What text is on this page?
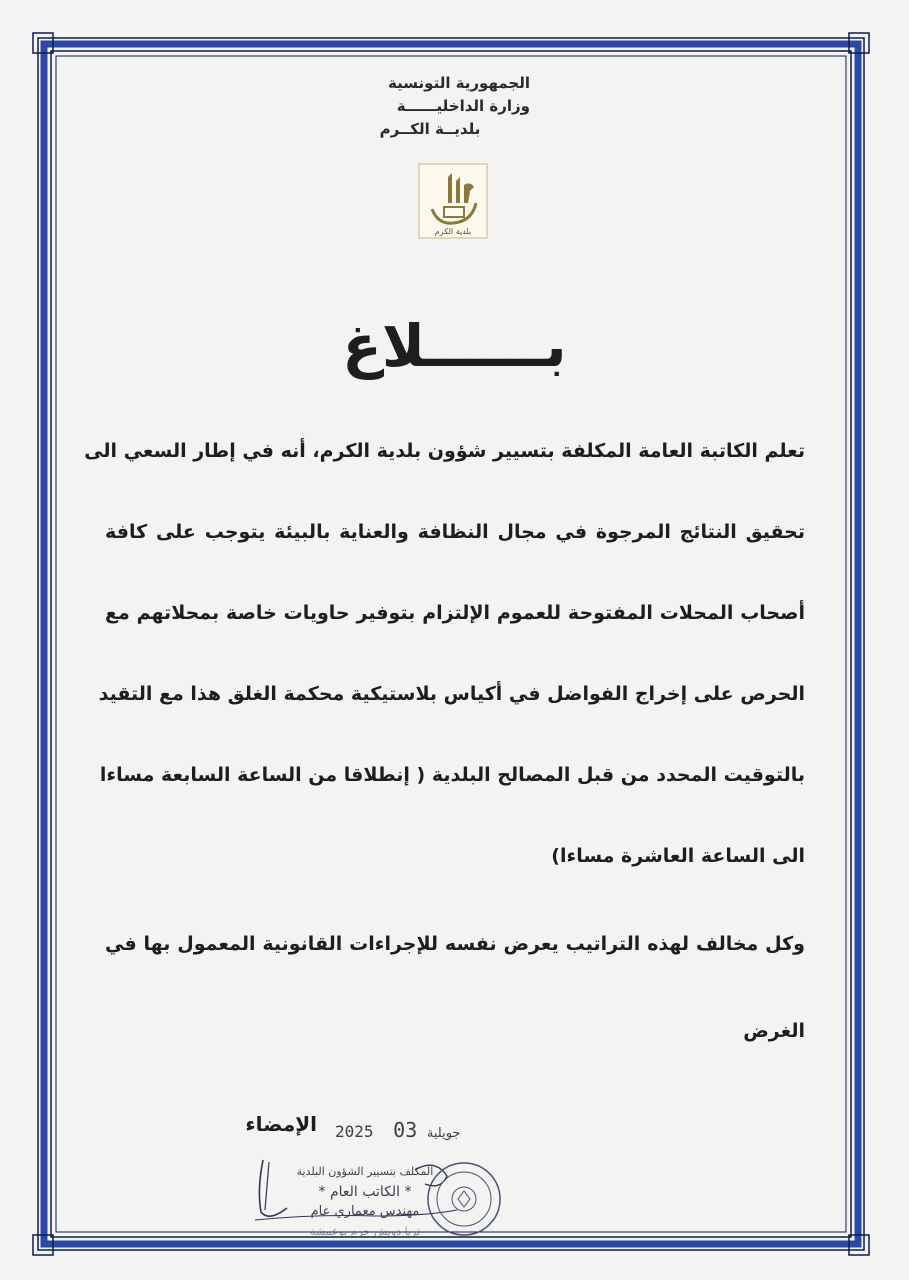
الجمهورية التونسية
وزارة الداخليــــــة
بلديــة الكــرم
بلدية الكرم
بــــــلاغ
تعلم الكاتبة العامة المكلفة بتسيير شؤون بلدية الكرم، أنه في إطار السعي الى
تحقيق النتائج المرجوة في مجال النظافة والعناية بالبيئة يتوجب على كافة
أصحاب المحلات المفتوحة للعموم الإلتزام بتوفير حاويات خاصة بمحلاتهم مع
الحرص على إخراج الفواضل في أكياس بلاستيكية محكمة الغلق هذا مع التقيد
بالتوقيت المحدد من قبل المصالح البلدية ( إنطلاقا من الساعة السابعة مساءا
الى الساعة العاشرة مساءا)
وكل مخالف لهذه التراتيب يعرض نفسه للإجراءات القانونية المعمول بها في
الغرض
الإمضاء 2025	جويلية 03
المكلف بتسيير الشؤون البلدية
* الكاتب العام *
مهندس معماري عام
ثريا دويش حرم بوعمشة
